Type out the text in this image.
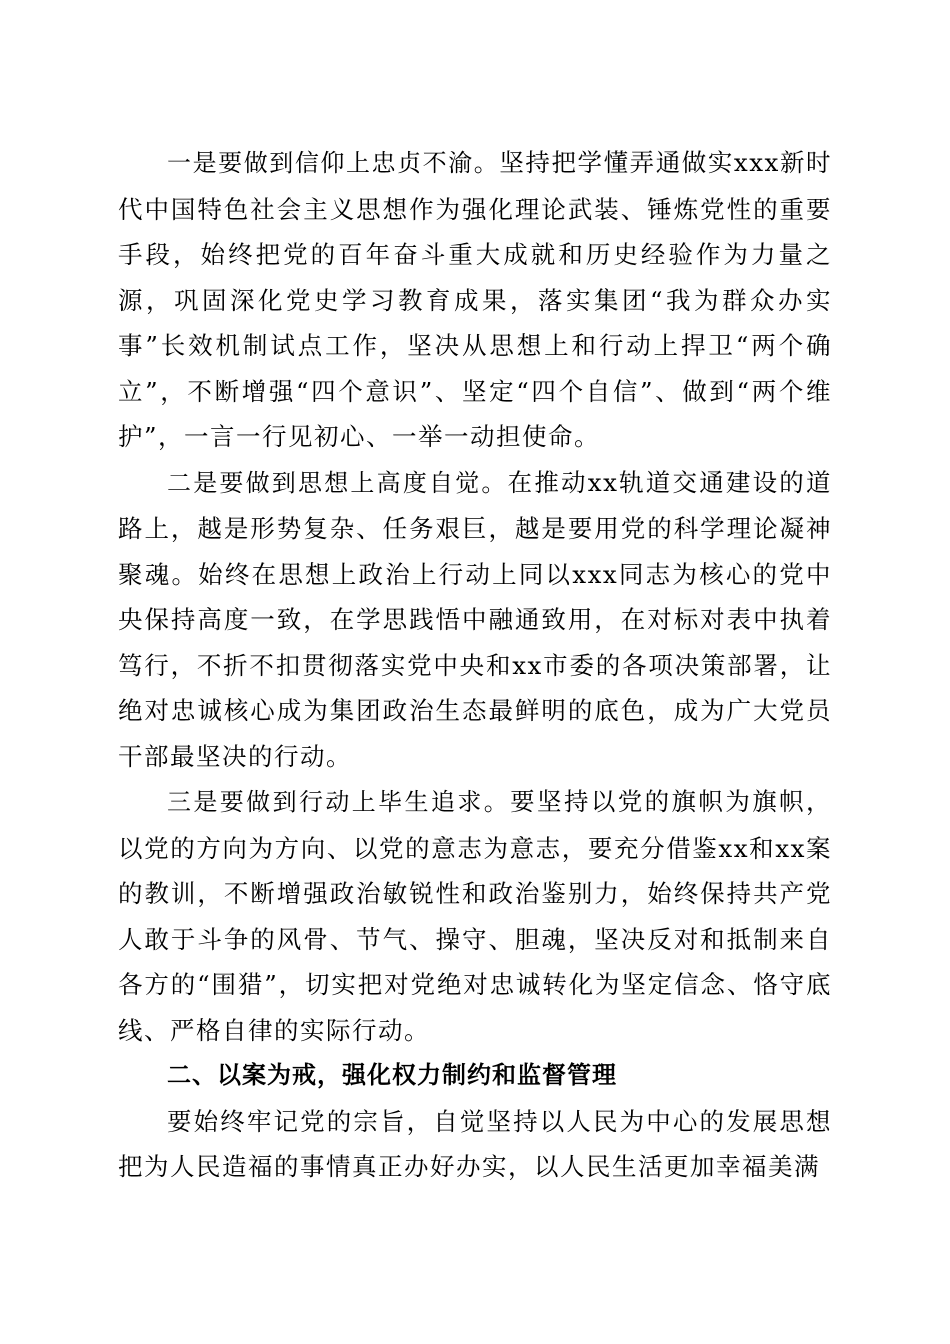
一是要做到信仰上忠贞不渝。坚持把学懂弄通做实xxx新时代中国特色社会主义思想作为强化理论武装、锤炼党性的重要手段，始终把党的百年奋斗重大成就和历史经验作为力量之源，巩固深化党史学习教育成果，落实集团“我为群众办实事”长效机制试点工作，坚决从思想上和行动上捍卫“两个确立”，不断增强“四个意识”、坚定“四个自信”、做到“两个维护”，一言一行见初心、一举一动担使命。

二是要做到思想上高度自觉。在推动xx轨道交通建设的道路上，越是形势复杂、任务艰巨，越是要用党的科学理论凝神聚魂。始终在思想上政治上行动上同以xxx同志为核心的党中央保持高度一致，在学思践悟中融通致用，在对标对表中执着笃行，不折不扣贯彻落实党中央和xx市委的各项决策部署，让绝对忠诚核心成为集团政治生态最鲜明的底色，成为广大党员干部最坚决的行动。

三是要做到行动上毕生追求。要坚持以党的旗帜为旗帜，以党的方向为方向、以党的意志为意志，要充分借鉴xx和xx案的教训，不断增强政治敏锐性和政治鉴别力，始终保持共产党人敢于斗争的风骨、节气、操守、胆魂，坚决反对和抵制来自各方的“围猎”，切实把对党绝对忠诚转化为坚定信念、恪守底线、严格自律的实际行动。

二、以案为戒，强化权力制约和监督管理

要始终牢记党的宗旨，自觉坚持以人民为中心的发展思想把为人民造福的事情真正办好办实，以人民生活更加幸福美满
